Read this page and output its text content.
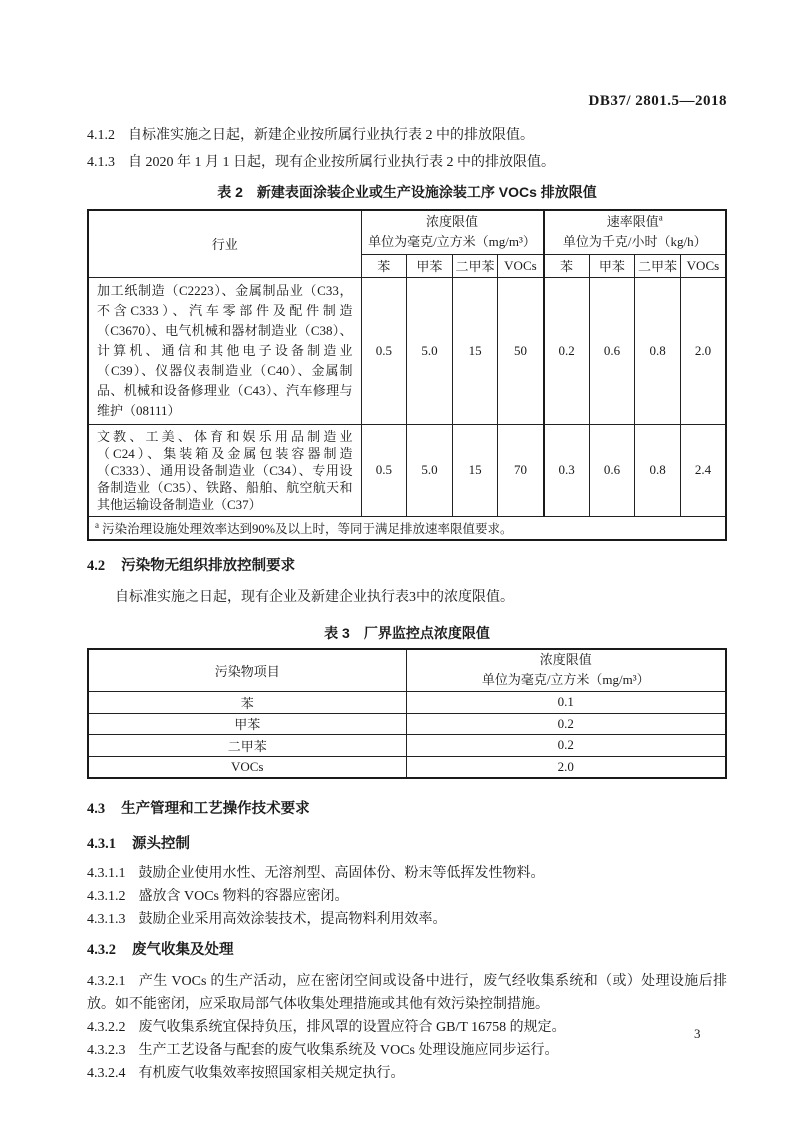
DB37/ 2801.5—2018

4.1.2 自标准实施之日起，新建企业按所属行业执行表 2 中的排放限值。

4.1.3 自 2020 年 1 月 1 日起，现有企业按所属行业执行表 2 中的排放限值。

表 2 新建表面涂装企业或生产设施涂装工序 VOCs 排放限值
行业	
浓度限值
单位为毫克/立方米（mg/m³）

速率限值$^a$
单位为千克/小时（kg/h）

	苯	甲苯	二甲苯	VOCs	苯	甲苯	二甲苯	VOCs
加工纸制造（C2223）、金属制品业（C33，不含C333）、汽车零部件及配件制造（C3670）、电气机械和器材制造业（C38）、计算机、通信和其他电子设备制造业（C39）、仪器仪表制造业（C40）、金属制品、机械和设备修理业（C43）、汽车修理与维护（08111）	0.5	5.0	15	50	0.2	0.6	0.8	2.0
文教、工美、体育和娱乐用品制造业（C24）、集装箱及金属包装容器制造（C333）、通用设备制造业（C34）、专用设备制造业（C35）、铁路、船舶、航空航天和其他运输设备制造业（C37）	0.5	5.0	15	70	0.3	0.6	0.8	2.4
$^a$ 污染治理设施处理效率达到90%及以上时，等同于满足排放速率限值要求。								
4.2 污染物无组织排放控制要求

自标准实施之日起，现有企业及新建企业执行表3中的浓度限值。

表 3 厂界监控点浓度限值
污染物项目	浓度限值
单位为毫克/立方米（mg/m³）

苯	0.1
甲苯	0.2
二甲苯	0.2
VOCs	2.0
4.3 生产管理和工艺操作技术要求
4.3.1 源头控制

4.3.1.1 鼓励企业使用水性、无溶剂型、高固体份、粉末等低挥发性物料。

4.3.1.2 盛放含 VOCs 物料的容器应密闭。

4.3.1.3 鼓励企业采用高效涂装技术，提高物料利用效率。

4.3.2 废气收集及处理

4.3.2.1 产生 VOCs 的生产活动，应在密闭空间或设备中进行，废气经收集系统和（或）处理设施后排放。如不能密闭，应采取局部气体收集处理措施或其他有效污染控制措施。

4.3.2.2 废气收集系统宜保持负压，排风罩的设置应符合 GB/T 16758 的规定。

4.3.2.3 生产工艺设备与配套的废气收集系统及 VOCs 处理设施应同步运行。

4.3.2.4 有机废气收集效率按照国家相关规定执行。

3
